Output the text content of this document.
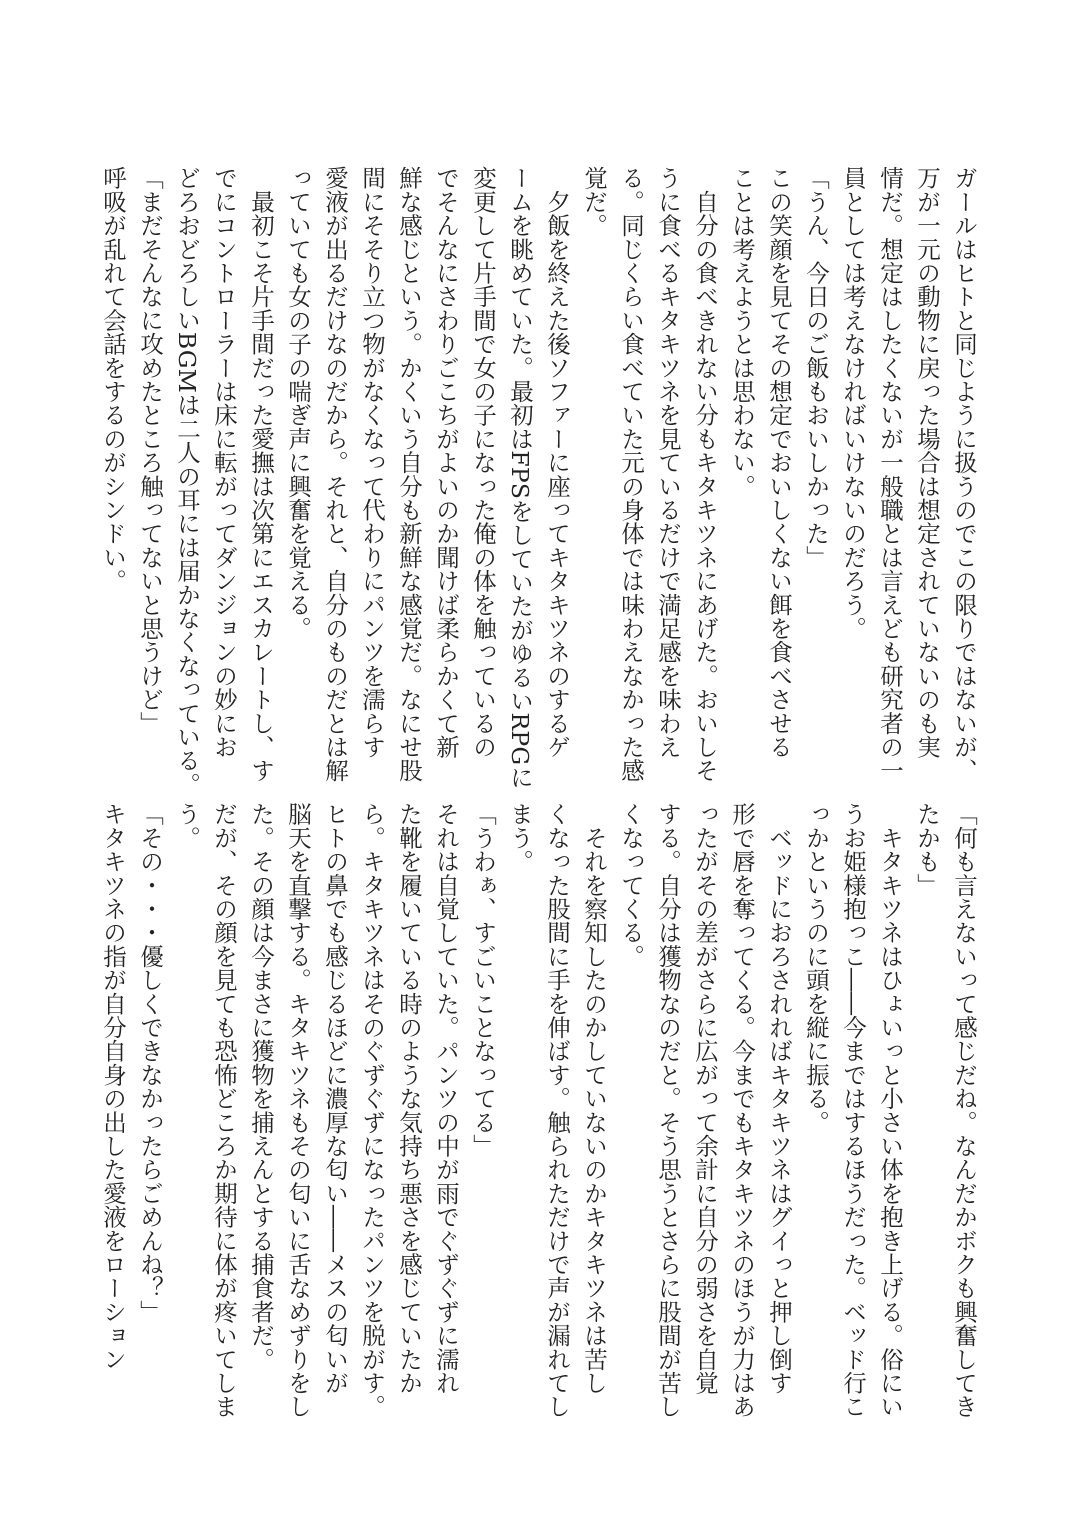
ガールはヒトと同じように扱うのでこの限りではないが、
万が一元の動物に戻った場合は想定されていないのも実
情だ。想定はしたくないが一般職とは言えども研究者の一
員としては考えなければいけないのだろう。
「うん、今日のご飯もおいしかった」
この笑顔を見てその想定でおいしくない餌を食べさせる
ことは考えようとは思わない。
　自分の食べきれない分もキタキツネにあげた。おいしそ
うに食べるキタキツネを見ているだけで満足感を味わえ
る。同じくらい食べていた元の身体では味わえなかった感
覚だ。
　夕飯を終えた後ソファーに座ってキタキツネのするゲ
ームを眺めていた。最初はFPSをしていたがゆるいRPGに
変更して片手間で女の子になった俺の体を触っているの
でそんなにさわりごこちがよいのか聞けば柔らかくて新
鮮な感じという。かくいう自分も新鮮な感覚だ。なにせ股
間にそそり立つ物がなくなって代わりにパンツを濡らす
愛液が出るだけなのだから。それと、自分のものだとは解
っていても女の子の喘ぎ声に興奮を覚える。
　最初こそ片手間だった愛撫は次第にエスカレートし、す
でにコントローラーは床に転がってダンジョンの妙にお
どろおどろしいBGMは二人の耳には届かなくなっている。
「まだそんなに攻めたところ触ってないと思うけど」
呼吸が乱れて会話をするのがシンドい。
「何も言えないって感じだね。なんだかボクも興奮してき
たかも」
　キタキツネはひょいっと小さい体を抱き上げる。俗にい
うお姫様抱っこ――今まではするほうだった。ベッド行こ
っかというのに頭を縦に振る。
　ベッドにおろされればキタキツネはグイっと押し倒す
形で唇を奪ってくる。今までもキタキツネのほうが力はあ
ったがその差がさらに広がって余計に自分の弱さを自覚
する。自分は獲物なのだと。そう思うとさらに股間が苦し
くなってくる。
　それを察知したのかしていないのかキタキツネは苦し
くなった股間に手を伸ばす。触られただけで声が漏れてし
まう。
「うわぁ、すごいことなってる」
それは自覚していた。パンツの中が雨でぐずぐずに濡れ
た靴を履いている時のような気持ち悪さを感じていたか
ら。キタキツネはそのぐずぐずになったパンツを脱がす。
ヒトの鼻でも感じるほどに濃厚な匂い――メスの匂いが
脳天を直撃する。キタキツネもその匂いに舌なめずりをし
た。その顔は今まさに獲物を捕えんとする捕食者だ。
だが、その顔を見ても恐怖どころか期待に体が疼いてしま
う。
「その・・・優しくできなかったらごめんね？」
キタキツネの指が自分自身の出した愛液をローション
